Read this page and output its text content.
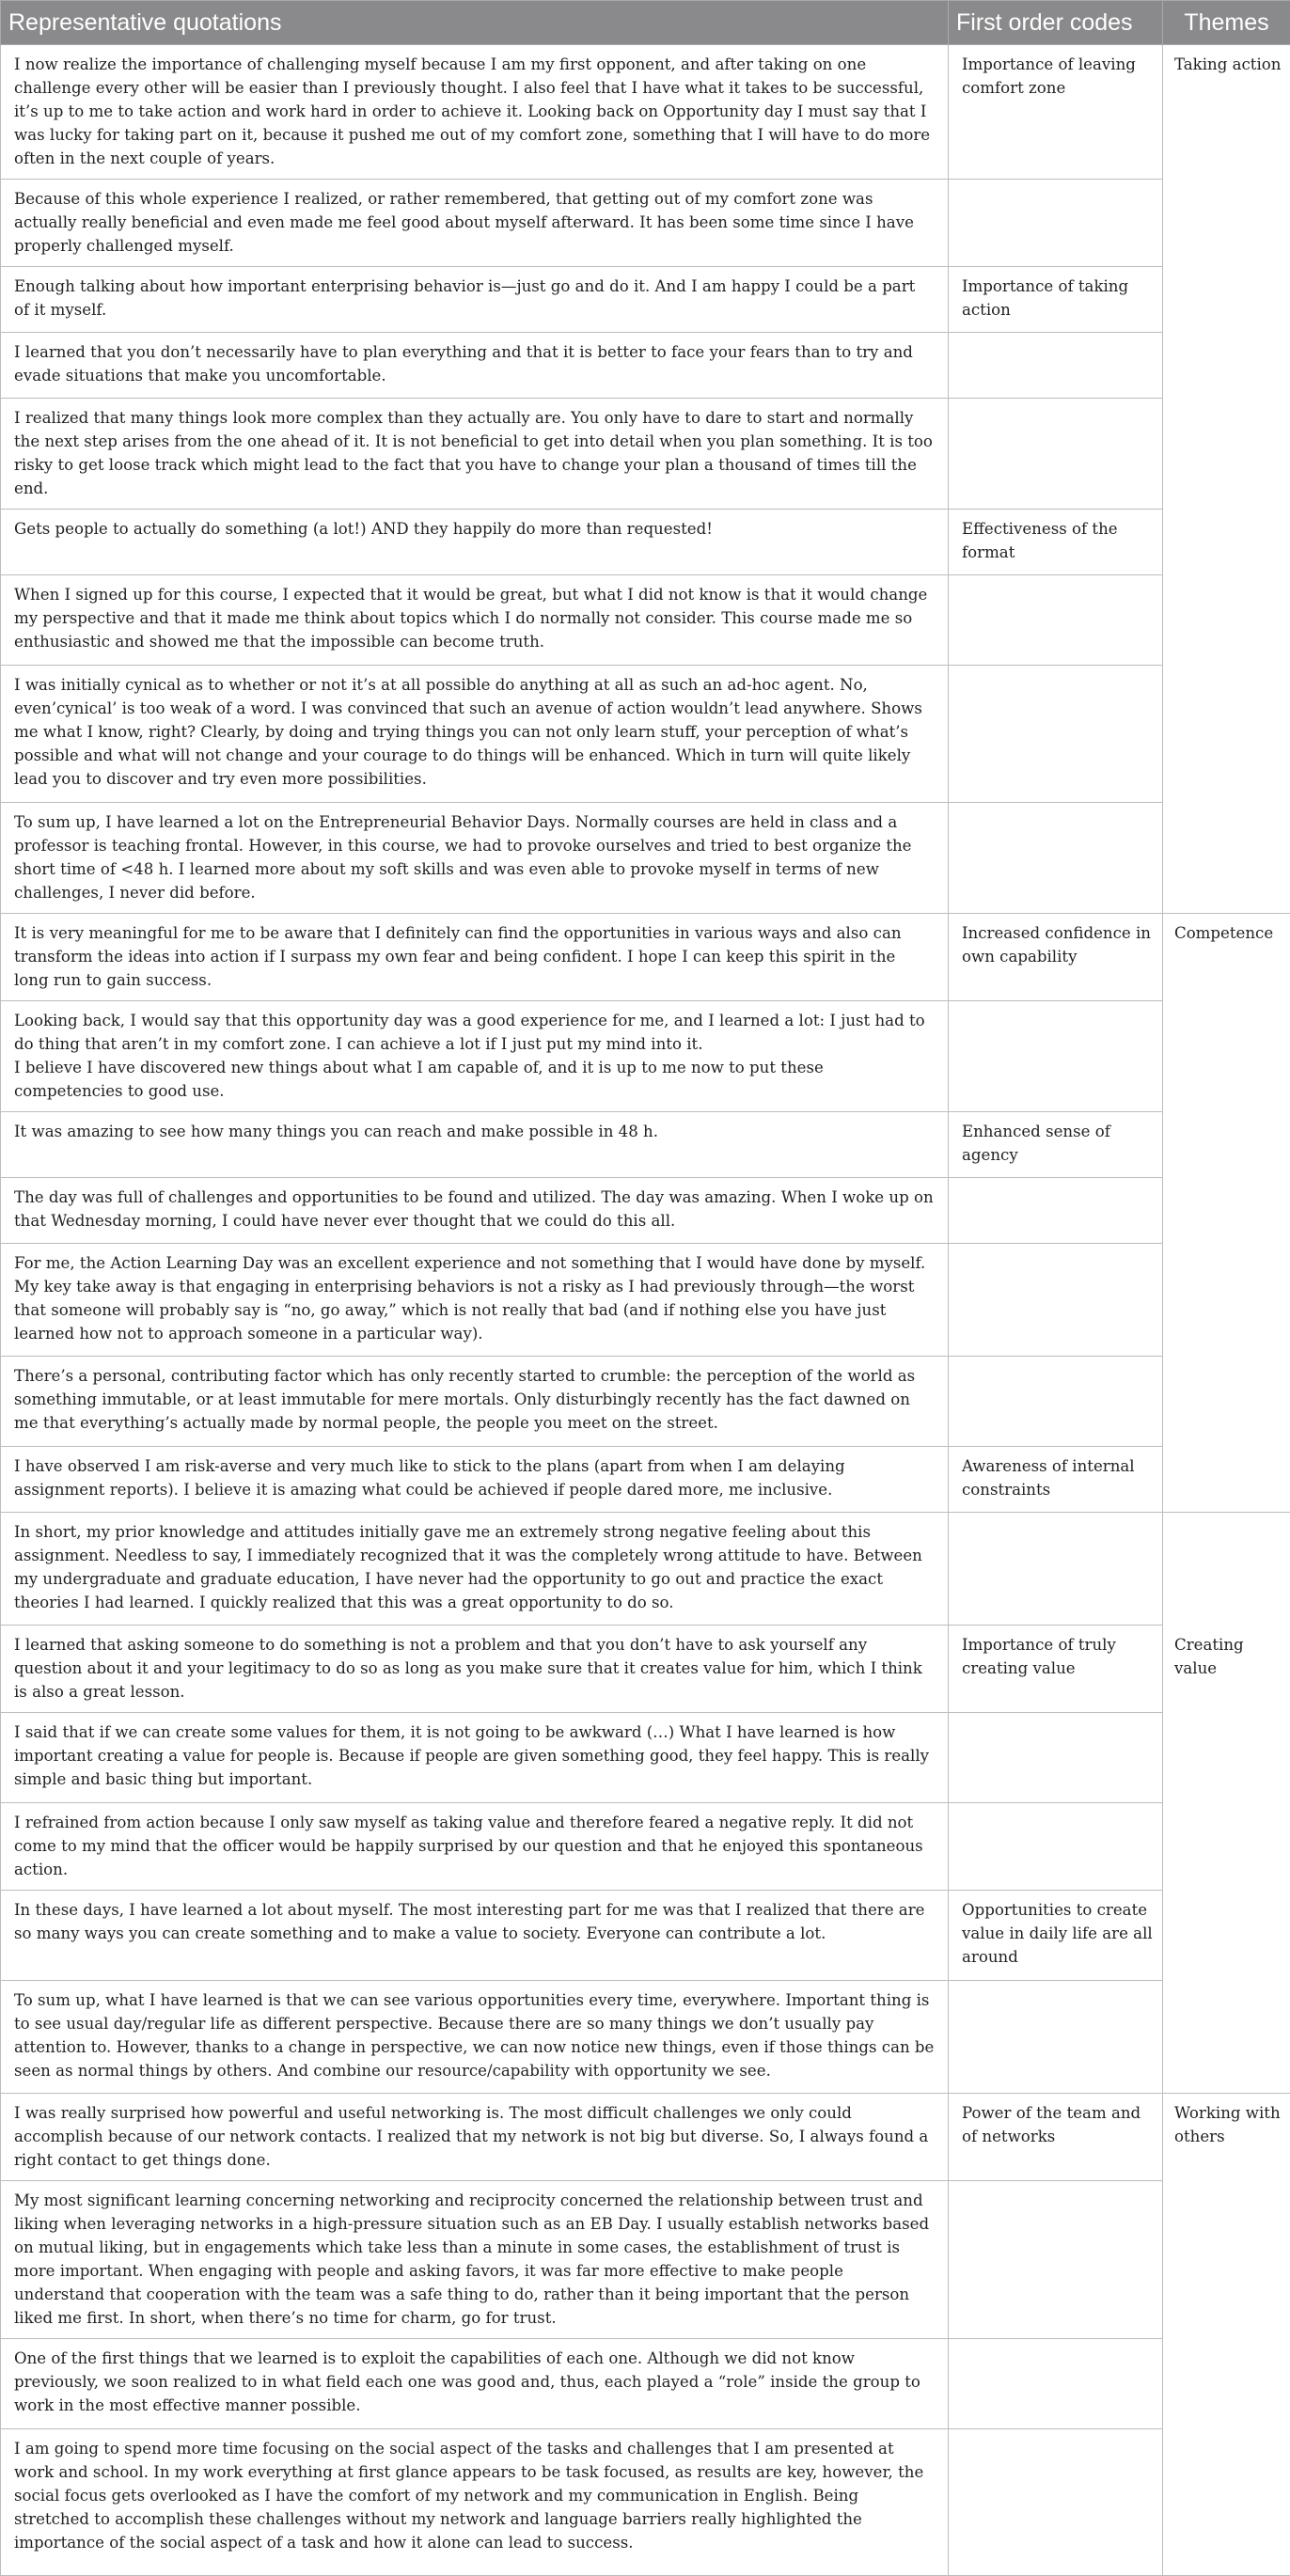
Representative quotations	First order codes	Themes
I now realize the importance of challenging myself because I am my first opponent, and after taking on one challenge every other will be easier than I previously thought. I also feel that I have what it takes to be successful, it’s up to me to take action and work hard in order to achieve it. Looking back on Opportunity day I must say that I was lucky for taking part on it, because it pushed me out of my comfort zone, something that I will have to do more often in the next couple of years.	Importance of leaving comfort zone	Taking action
Because of this whole experience I realized, or rather remembered, that getting out of my comfort zone was actually really beneficial and even made me feel good about myself afterward. It has been some time since I have properly challenged myself.		
Enough talking about how important enterprising behavior is—just go and do it. And I am happy I could be a part of it myself.	Importance of taking action	
I learned that you don’t necessarily have to plan everything and that it is better to face your fears than to try and evade situations that make you uncomfortable.		
I realized that many things look more complex than they actually are. You only have to dare to start and normally the next step arises from the one ahead of it. It is not beneficial to get into detail when you plan something. It is too risky to get loose track which might lead to the fact that you have to change your plan a thousand of times till the end.		
Gets people to actually do something (a lot!) AND they happily do more than requested!	Effectiveness of the format	
When I signed up for this course, I expected that it would be great, but what I did not know is that it would change my perspective and that it made me think about topics which I do normally not consider. This course made me so enthusiastic and showed me that the impossible can become truth.		
I was initially cynical as to whether or not it’s at all possible do anything at all as such an ad-hoc agent. No, even’cynical’ is too weak of a word. I was convinced that such an avenue of action wouldn’t lead anywhere. Shows me what I know, right? Clearly, by doing and trying things you can not only learn stuff, your perception of what’s possible and what will not change and your courage to do things will be enhanced. Which in turn will quite likely lead you to discover and try even more possibilities.		
To sum up, I have learned a lot on the Entrepreneurial Behavior Days. Normally courses are held in class and a professor is teaching frontal. However, in this course, we had to provoke ourselves and tried to best organize the short time of <48 h. I learned more about my soft skills and was even able to provoke myself in terms of new challenges, I never did before.		
It is very meaningful for me to be aware that I definitely can find the opportunities in various ways and also can transform the ideas into action if I surpass my own fear and being confident. I hope I can keep this spirit in the long run to gain success.	Increased confidence in own capability	Competence
Looking back, I would say that this opportunity day was a good experience for me, and I learned a lot: I just had to do thing that aren’t in my comfort zone. I can achieve a lot if I just put my mind into it.
I believe I have discovered new things about what I am capable of, and it is up to me now to put these competencies to good use.		
It was amazing to see how many things you can reach and make possible in 48 h.	Enhanced sense of agency	
The day was full of challenges and opportunities to be found and utilized. The day was amazing. When I woke up on that Wednesday morning, I could have never ever thought that we could do this all.		
For me, the Action Learning Day was an excellent experience and not something that I would have done by myself. My key take away is that engaging in enterprising behaviors is not a risky as I had previously through—the worst that someone will probably say is “no, go away,” which is not really that bad (and if nothing else you have just learned how not to approach someone in a particular way).		
There’s a personal, contributing factor which has only recently started to crumble: the perception of the world as something immutable, or at least immutable for mere mortals. Only disturbingly recently has the fact dawned on me that everything’s actually made by normal people, the people you meet on the street.		
I have observed I am risk-averse and very much like to stick to the plans (apart from when I am delaying assignment reports). I believe it is amazing what could be achieved if people dared more, me inclusive.	Awareness of internal constraints	
In short, my prior knowledge and attitudes initially gave me an extremely strong negative feeling about this assignment. Needless to say, I immediately recognized that it was the completely wrong attitude to have. Between my undergraduate and graduate education, I have never had the opportunity to go out and practice the exact theories I had learned. I quickly realized that this was a great opportunity to do so.		
I learned that asking someone to do something is not a problem and that you don’t have to ask yourself any question about it and your legitimacy to do so as long as you make sure that it creates value for him, which I think is also a great lesson.	Importance of truly creating value	Creating value
I said that if we can create some values for them, it is not going to be awkward (…) What I have learned is how important creating a value for people is. Because if people are given something good, they feel happy. This is really simple and basic thing but important.		
I refrained from action because I only saw myself as taking value and therefore feared a negative reply. It did not come to my mind that the officer would be happily surprised by our question and that he enjoyed this spontaneous action.		
In these days, I have learned a lot about myself. The most interesting part for me was that I realized that there are so many ways you can create something and to make a value to society. Everyone can contribute a lot.	Opportunities to create value in daily life are all around	
To sum up, what I have learned is that we can see various opportunities every time, everywhere. Important thing is to see usual day/regular life as different perspective. Because there are so many things we don’t usually pay attention to. However, thanks to a change in perspective, we can now notice new things, even if those things can be seen as normal things by others. And combine our resource/capability with opportunity we see.		
I was really surprised how powerful and useful networking is. The most difficult challenges we only could accomplish because of our network contacts. I realized that my network is not big but diverse. So, I always found a right contact to get things done.	Power of the team and of networks	Working with others
My most significant learning concerning networking and reciprocity concerned the relationship between trust and liking when leveraging networks in a high-pressure situation such as an EB Day. I usually establish networks based on mutual liking, but in engagements which take less than a minute in some cases, the establishment of trust is more important. When engaging with people and asking favors, it was far more effective to make people understand that cooperation with the team was a safe thing to do, rather than it being important that the person liked me first. In short, when there’s no time for charm, go for trust.		
One of the first things that we learned is to exploit the capabilities of each one. Although we did not know previously, we soon realized to in what field each one was good and, thus, each played a “role” inside the group to work in the most effective manner possible.		
I am going to spend more time focusing on the social aspect of the tasks and challenges that I am presented at work and school. In my work everything at first glance appears to be task focused, as results are key, however, the social focus gets overlooked as I have the comfort of my network and my communication in English. Being stretched to accomplish these challenges without my network and language barriers really highlighted the importance of the social aspect of a task and how it alone can lead to success.		
